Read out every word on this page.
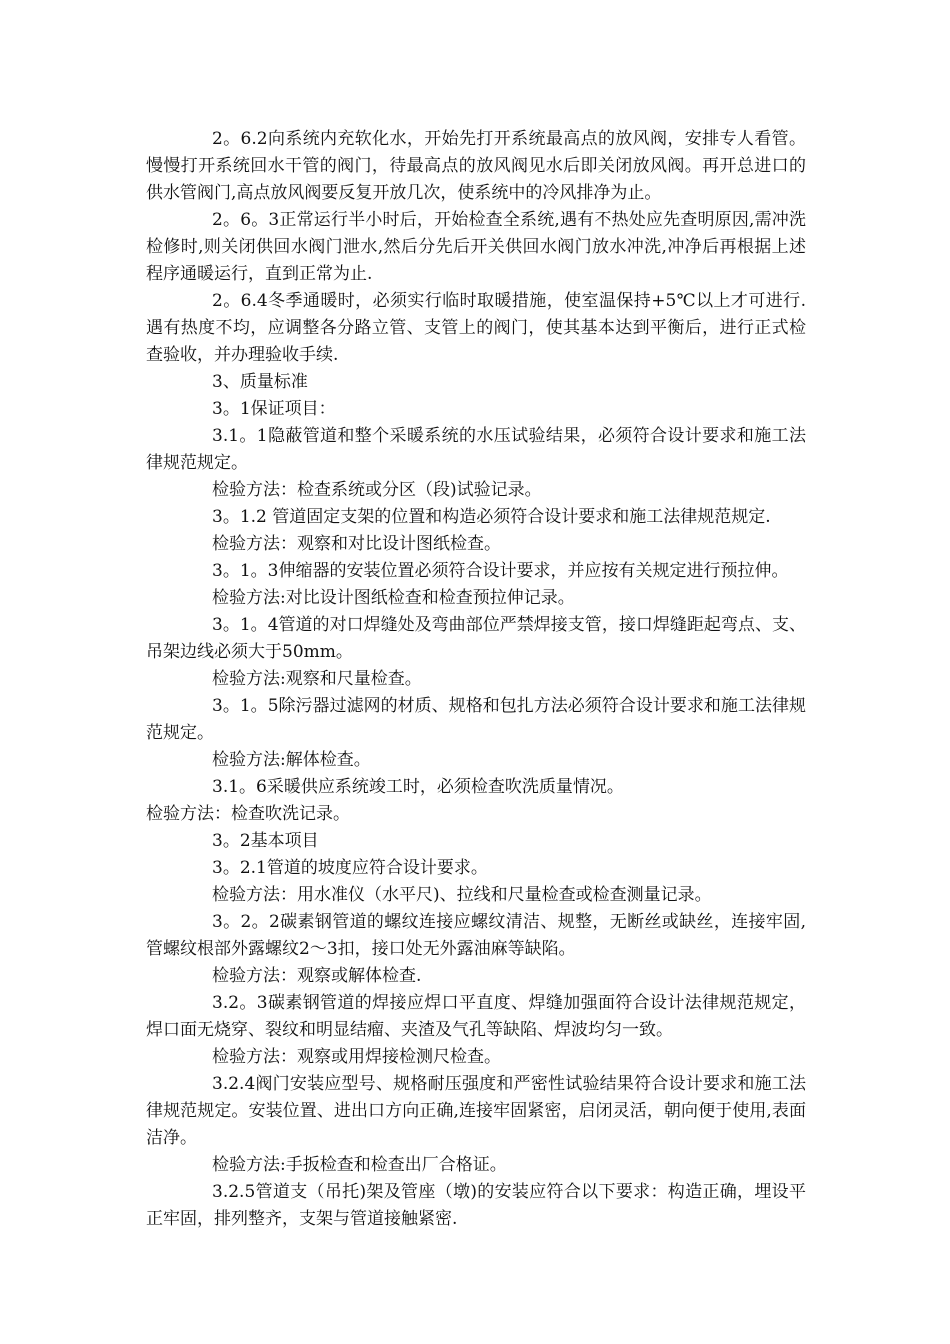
2。6.2向系统内充软化水，开始先打开系统最高点的放风阀，安排专人看管。慢慢打开系统回水干管的阀门，待最高点的放风阀见水后即关闭放风阀。再开总进口的供水管阀门,高点放风阀要反复开放几次，使系统中的冷风排净为止。

2。6。3正常运行半小时后，开始检查全系统,遇有不热处应先查明原因,需冲洗检修时,则关闭供回水阀门泄水,然后分先后开关供回水阀门放水冲洗,冲净后再根据上述程序通暖运行，直到正常为止.

2。6.4冬季通暖时，必须实行临时取暖措施，使室温保持+5℃以上才可进行.遇有热度不均，应调整各分路立管、支管上的阀门，使其基本达到平衡后，进行正式检查验收，并办理验收手续.

3、质量标准

3。1保证项目：

3.1。1隐蔽管道和整个采暖系统的水压试验结果，必须符合设计要求和施工法律规范规定。

检验方法：检查系统或分区（段)试验记录。

3。1.2 管道固定支架的位置和构造必须符合设计要求和施工法律规范规定.

检验方法：观察和对比设计图纸检查。

3。1。3伸缩器的安装位置必须符合设计要求，并应按有关规定进行预拉伸。

检验方法:对比设计图纸检查和检查预拉伸记录。

3。1。4管道的对口焊缝处及弯曲部位严禁焊接支管，接口焊缝距起弯点、支、吊架边线必须大于50mm。

检验方法:观察和尺量检查。

3。1。5除污器过滤网的材质、规格和包扎方法必须符合设计要求和施工法律规范规定。

检验方法:解体检查。

3.1。6采暖供应系统竣工时，必须检查吹洗质量情况。

检验方法：检查吹洗记录。

3。2基本项目

3。2.1管道的坡度应符合设计要求。

检验方法：用水准仪（水平尺)、拉线和尺量检查或检查测量记录。

3。2。2碳素钢管道的螺纹连接应螺纹清洁、规整，无断丝或缺丝，连接牢固,管螺纹根部外露螺纹2～3扣，接口处无外露油麻等缺陷。

检验方法：观察或解体检查.

3.2。3碳素钢管道的焊接应焊口平直度、焊缝加强面符合设计法律规范规定，焊口面无烧穿、裂纹和明显结瘤、夹渣及气孔等缺陷、焊波均匀一致。

检验方法：观察或用焊接检测尺检查。

3.2.4阀门安装应型号、规格耐压强度和严密性试验结果符合设计要求和施工法律规范规定。安装位置、进出口方向正确,连接牢固紧密，启闭灵活，朝向便于使用,表面洁净。

检验方法:手扳检查和检查出厂合格证。

3.2.5管道支（吊托)架及管座（墩)的安装应符合以下要求：构造正确，埋设平正牢固，排列整齐，支架与管道接触紧密.
